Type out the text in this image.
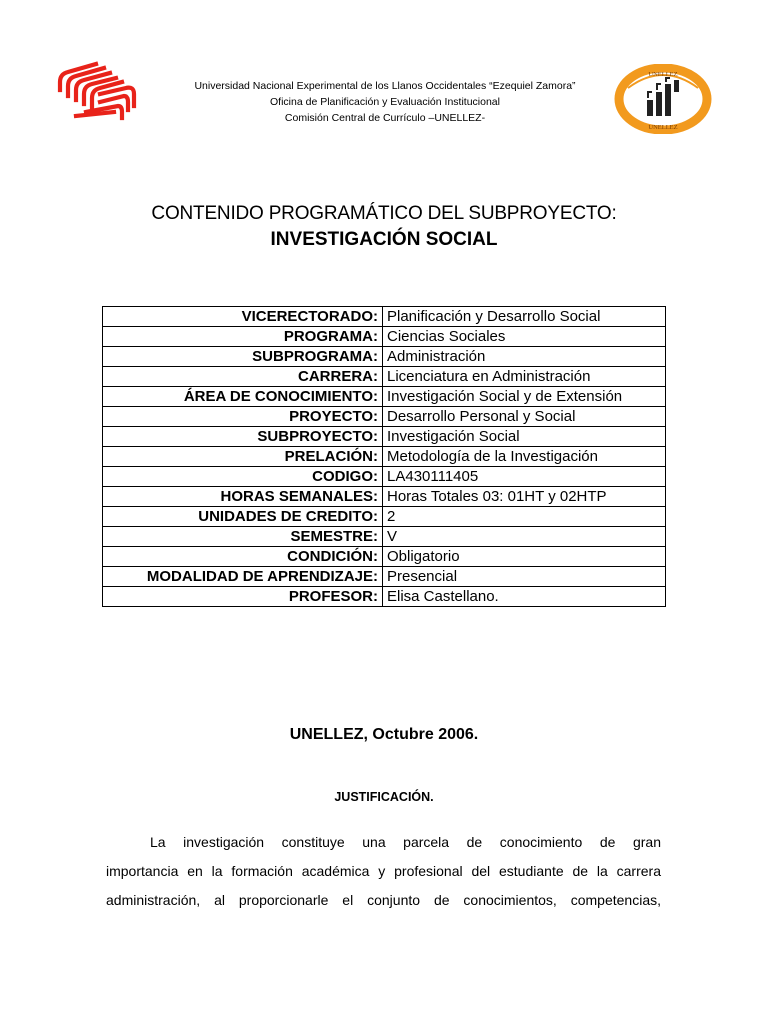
Universidad Nacional Experimental de los Llanos Occidentales “Ezequiel Zamora”
Oficina de Planificación y Evaluación Institucional
Comisión Central de Currículo –UNELLEZ-
UNELLEZ
UNELLEZ
CONTENIDO PROGRAMÁTICO DEL SUBPROYECTO:
INVESTIGACIÓN SOCIAL
VICERECTORADO:	Planificación y Desarrollo Social
PROGRAMA:	Ciencias Sociales
SUBPROGRAMA:	Administración
CARRERA:	Licenciatura en Administración
ÁREA DE CONOCIMIENTO:	Investigación Social y de Extensión
PROYECTO:	Desarrollo Personal y Social
SUBPROYECTO:	Investigación Social
PRELACIÓN:	Metodología de la Investigación
CODIGO:	LA430111405
HORAS SEMANALES:	Horas Totales 03: 01HT y 02HTP
UNIDADES DE CREDITO:	2
SEMESTRE:	V
CONDICIÓN:	Obligatorio
MODALIDAD DE APRENDIZAJE:	Presencial
PROFESOR:	Elisa Castellano.
UNELLEZ, Octubre 2006.
JUSTIFICACIÓN.
La investigación constituye una parcela de conocimiento de gran
importancia en la formación académica y profesional del estudiante de la carrera
administración, al proporcionarle el conjunto de conocimientos, competencias,
